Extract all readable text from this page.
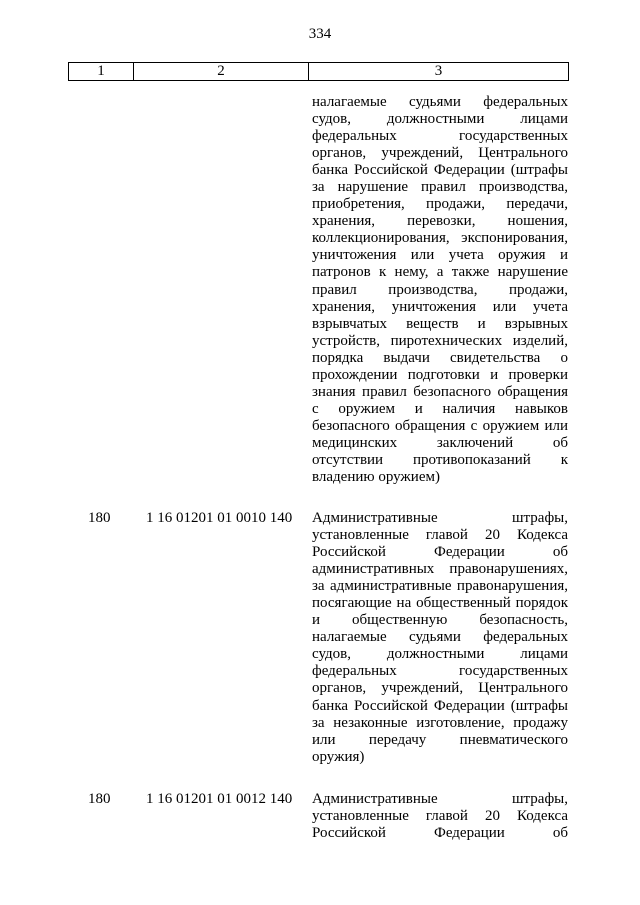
334
1	2	3
налагаемые судьями федеральных
судов, должностными лицами
федеральных государственных
органов, учреждений, Центрального
банка Российской Федерации (штрафы
за нарушение правил производства,
приобретения, продажи, передачи,
хранения, перевозки, ношения,
коллекционирования, экспонирования,
уничтожения или учета оружия и
патронов к нему, а также нарушение
правил производства, продажи,
хранения, уничтожения или учета
взрывчатых веществ и взрывных
устройств, пиротехнических изделий,
порядка выдачи свидетельства о
прохождении подготовки и проверки
знания правил безопасного обращения
с оружием и наличия навыков
безопасного обращения с оружием или
медицинских заключений об
отсутствии противопоказаний к
владению оружием)
180	1 16 01201 01 0010 140	Административные штрафы,
установленные главой 20 Кодекса
Российской Федерации об
административных правонарушениях,
за административные правонарушения,
посягающие на общественный порядок
и общественную безопасность,
налагаемые судьями федеральных
судов, должностными лицами
федеральных государственных
органов, учреждений, Центрального
банка Российской Федерации (штрафы
за незаконные изготовление, продажу
или передачу пневматического
оружия)
180	1 16 01201 01 0012 140	Административные штрафы,
установленные главой 20 Кодекса
Российской Федерации об
